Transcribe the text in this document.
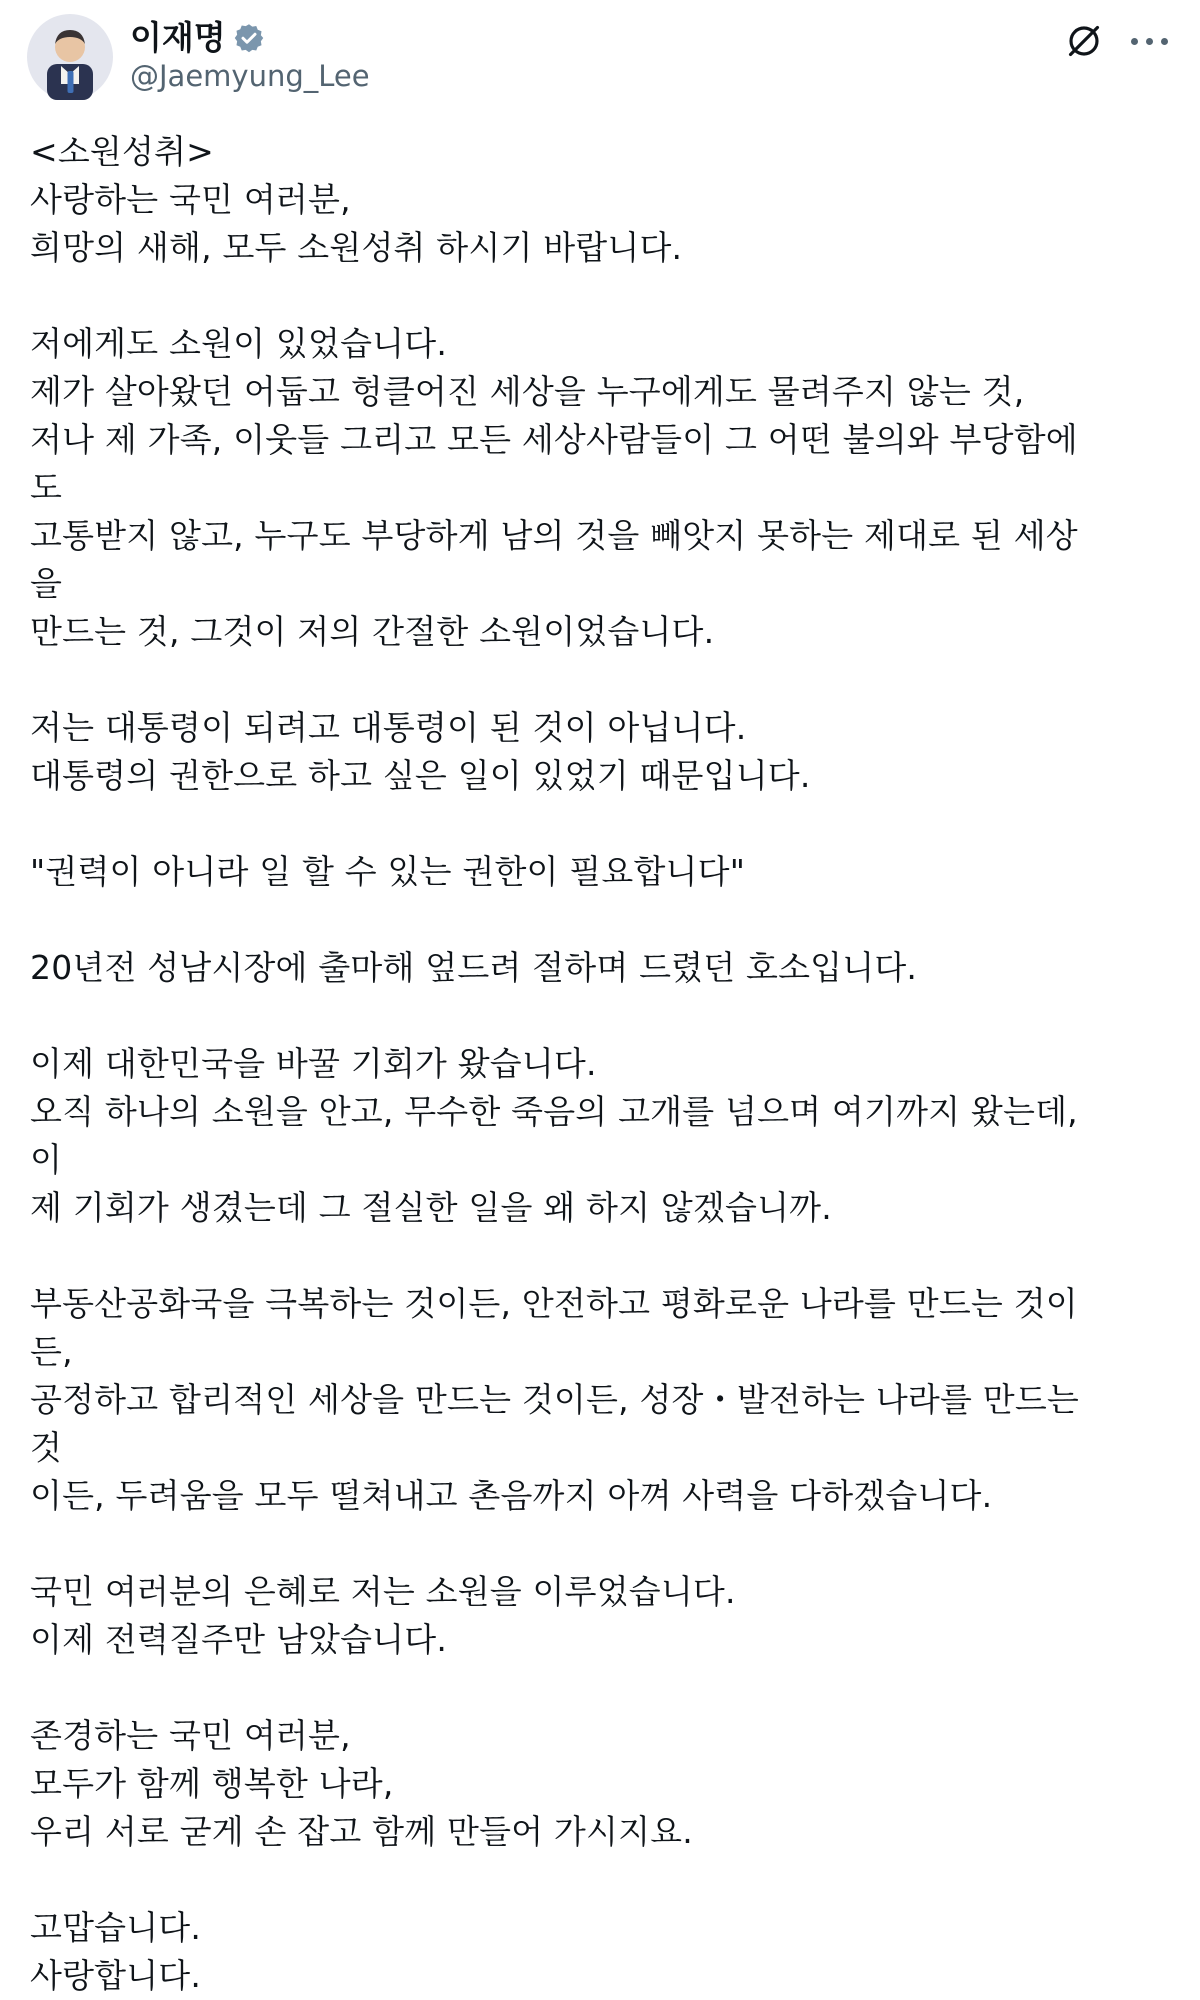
이재명
@Jaemyung_Lee
<소원성취>
사랑하는 국민 여러분,
희망의 새해, 모두 소원성취 하시기 바랍니다.

저에게도 소원이 있었습니다.
제가 살아왔던 어둡고 헝클어진 세상을 누구에게도 물려주지 않는 것,
저나 제 가족, 이웃들 그리고 모든 세상사람들이 그 어떤 불의와 부당함에도
고통받지 않고, 누구도 부당하게 남의 것을 빼앗지 못하는 제대로 된 세상을
만드는 것, 그것이 저의 간절한 소원이었습니다.

저는 대통령이 되려고 대통령이 된 것이 아닙니다.
대통령의 권한으로 하고 싶은 일이 있었기 때문입니다.

"권력이 아니라 일 할 수 있는 권한이 필요합니다"

20년전 성남시장에 출마해 엎드려 절하며 드렸던 호소입니다.

이제 대한민국을 바꿀 기회가 왔습니다.
오직 하나의 소원을 안고, 무수한 죽음의 고개를 넘으며 여기까지 왔는데, 이
제 기회가 생겼는데 그 절실한 일을 왜 하지 않겠습니까.

부동산공화국을 극복하는 것이든, 안전하고 평화로운 나라를 만드는 것이든,
공정하고 합리적인 세상을 만드는 것이든, 성장・발전하는 나라를 만드는 것
이든, 두려움을 모두 떨쳐내고 촌음까지 아껴 사력을 다하겠습니다.

국민 여러분의 은혜로 저는 소원을 이루었습니다.
이제 전력질주만 남았습니다.

존경하는 국민 여러분,
모두가 함께 행복한 나라,
우리 서로 굳게 손 잡고 함께 만들어 가시지요.

고맙습니다.
사랑합니다.
